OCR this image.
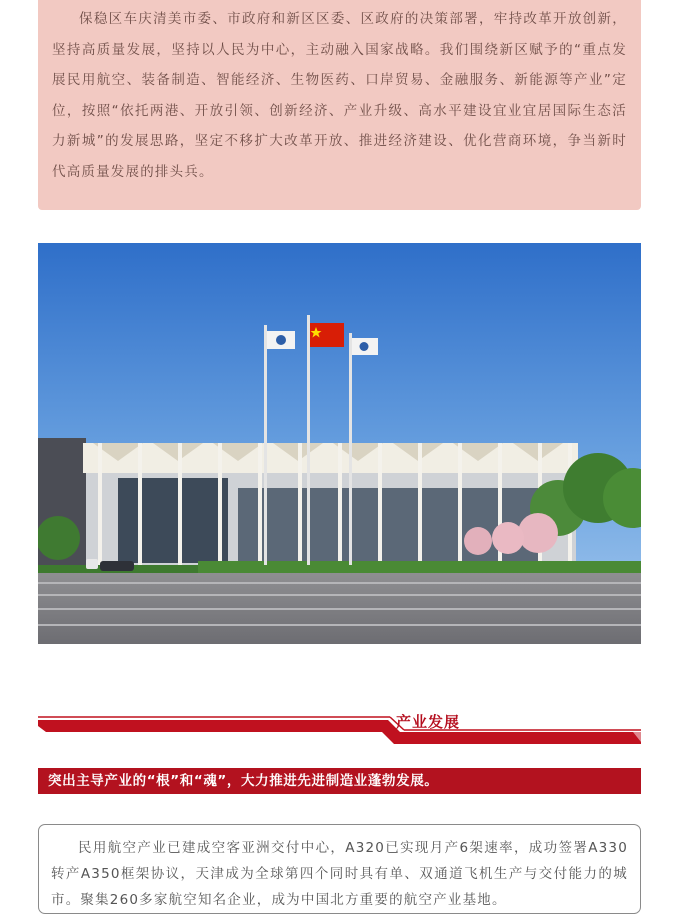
保稳区车庆清美市委、市政府和新区区委、区政府的决策部署，牢持改革开放创新，坚持高质量发展，坚持以人民为中心，主动融入国家战略。我们围绕新区赋予的“重点发展民用航空、装备制造、智能经济、生物医药、口岸贸易、金融服务、新能源等产业”定位，按照“依托两港、开放引领、创新经济、产业升级、高水平建设宜业宜居国际生态活力新城”的发展思路，坚定不移扩大改革开放、推进经济建设、优化营商环境，争当新时代高质量发展的排头兵。

产业发展
突出主导产业的“根”和“魂”，大力推进先进制造业蓬勃发展。

民用航空产业已建成空客亚洲交付中心，A320已实现月产6架速率，成功签署A330转产A350框架协议，天津成为全球第四个同时具有单、双通道飞机生产与交付能力的城市。聚集260多家航空知名企业，成为中国北方重要的航空产业基地。
